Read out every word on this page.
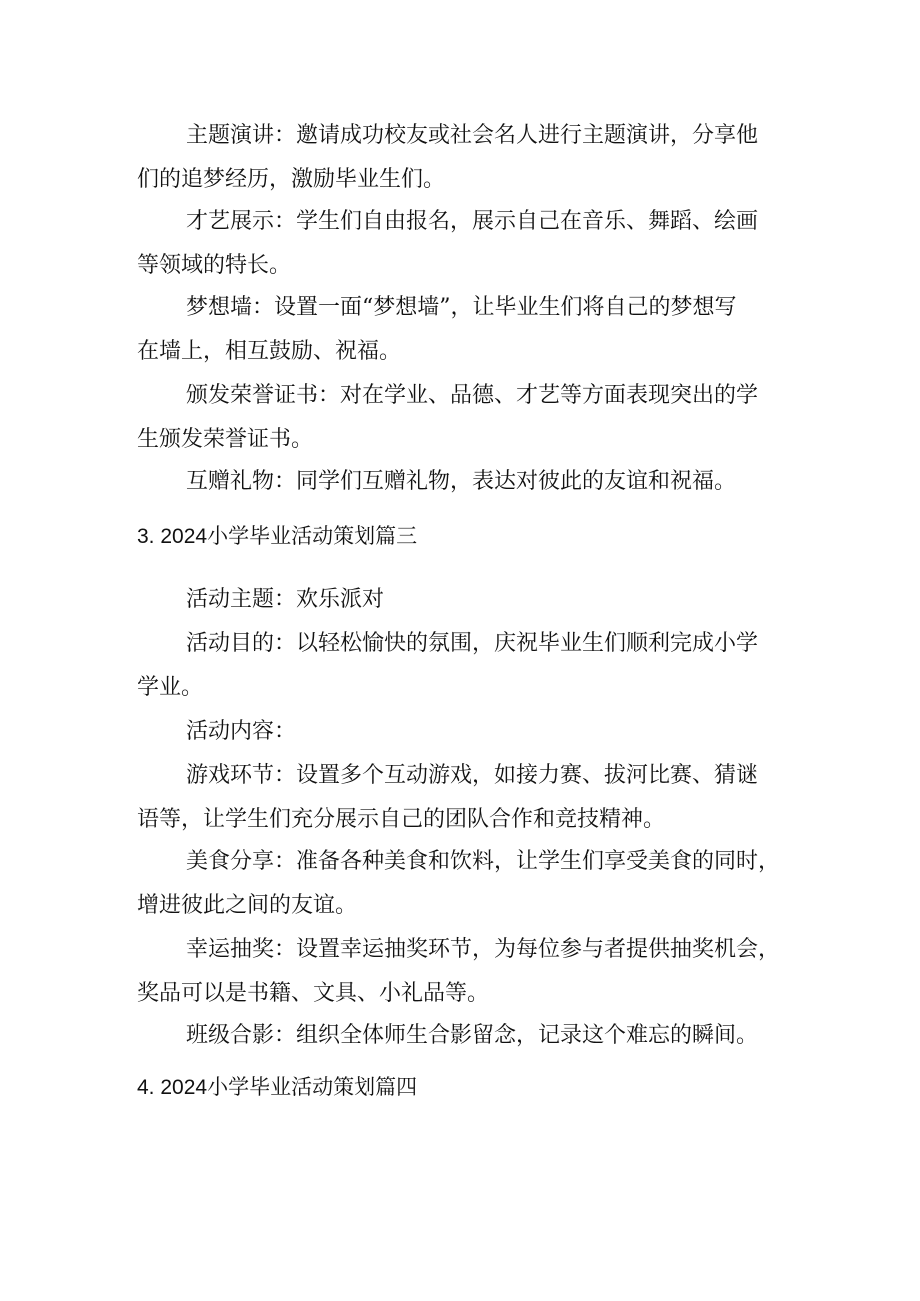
主题演讲：邀请成功校友或社会名人进行主题演讲，分享他
们的追梦经历，激励毕业生们。

才艺展示：学生们自由报名，展示自己在音乐、舞蹈、绘画
等领域的特长。

梦想墙：设置一面“梦想墙”，让毕业生们将自己的梦想写
在墙上，相互鼓励、祝福。

颁发荣誉证书：对在学业、品德、才艺等方面表现突出的学
生颁发荣誉证书。

互赠礼物：同学们互赠礼物，表达对彼此的友谊和祝福。

3. 2024小学毕业活动策划篇三

活动主题：欢乐派对

活动目的：以轻松愉快的氛围，庆祝毕业生们顺利完成小学
学业。

活动内容：

游戏环节：设置多个互动游戏，如接力赛、拔河比赛、猜谜
语等，让学生们充分展示自己的团队合作和竞技精神。

美食分享：准备各种美食和饮料，让学生们享受美食的同时，
增进彼此之间的友谊。

幸运抽奖：设置幸运抽奖环节，为每位参与者提供抽奖机会，
奖品可以是书籍、文具、小礼品等。

班级合影：组织全体师生合影留念，记录这个难忘的瞬间。

4. 2024小学毕业活动策划篇四
